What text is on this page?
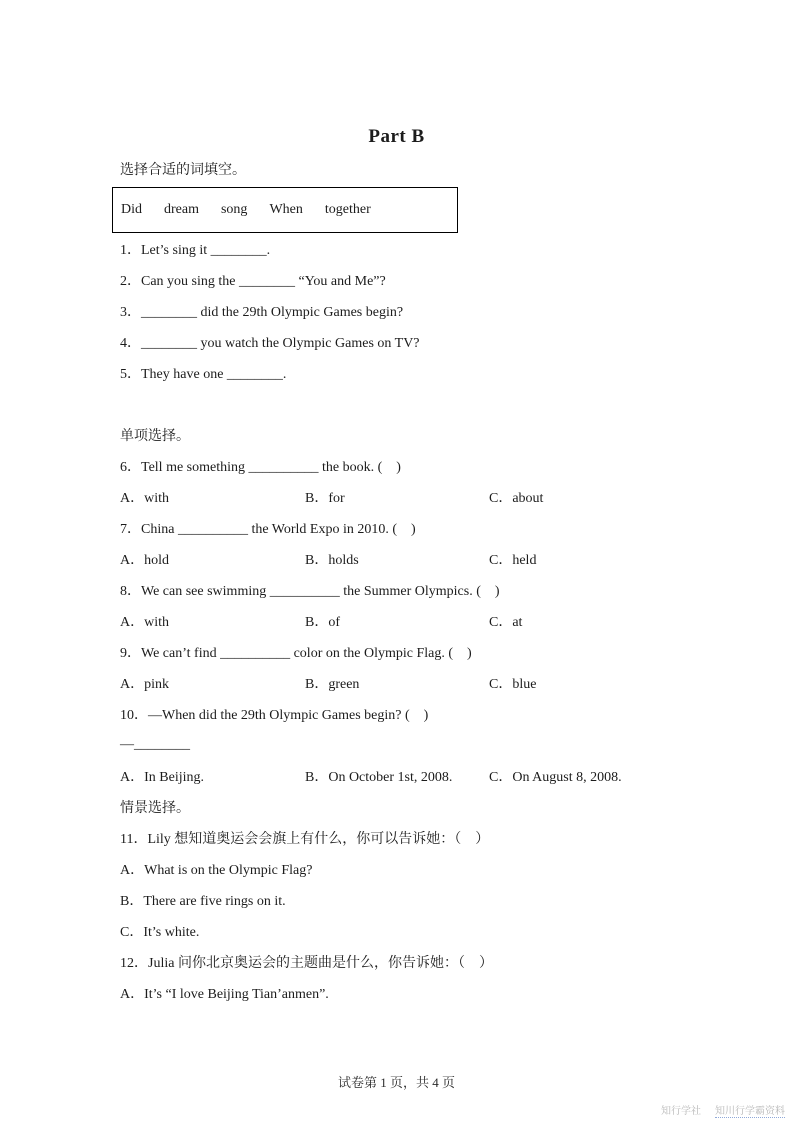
Part B
选择合适的词填空。
Did dream song When together
1．Let’s sing it ________.
2．Can you sing the ________ “You and Me”?
3．________ did the 29th Olympic Games begin?
4．________ you watch the Olympic Games on TV?
5．They have one ________.
单项选择。
6．Tell me something __________ the book. (　)
A．with	B．for	C．about
7．China __________ the World Expo in 2010. (　)
A．hold	B．holds	C．held
8．We can see swimming __________ the Summer Olympics. (　)
A．with	B．of	C．at
9．We can’t find __________ color on the Olympic Flag. (　)
A．pink	B．green	C．blue
10．—When did the 29th Olympic Games begin? (　)
—________
A．In Beijing.	B．On October 1st, 2008.	C．On August 8, 2008.
情景选择。
11．Lily 想知道奥运会会旗上有什么，你可以告诉她：（　）
A．What is on the Olympic Flag?
B．There are five rings on it.
C．It’s white.
12．Julia 问你北京奥运会的主题曲是什么，你告诉她：（　）
A．It’s “I love Beijing Tian’anmen”.
试卷第 1 页，共 4 页
知行学社 知川行学霸资料
